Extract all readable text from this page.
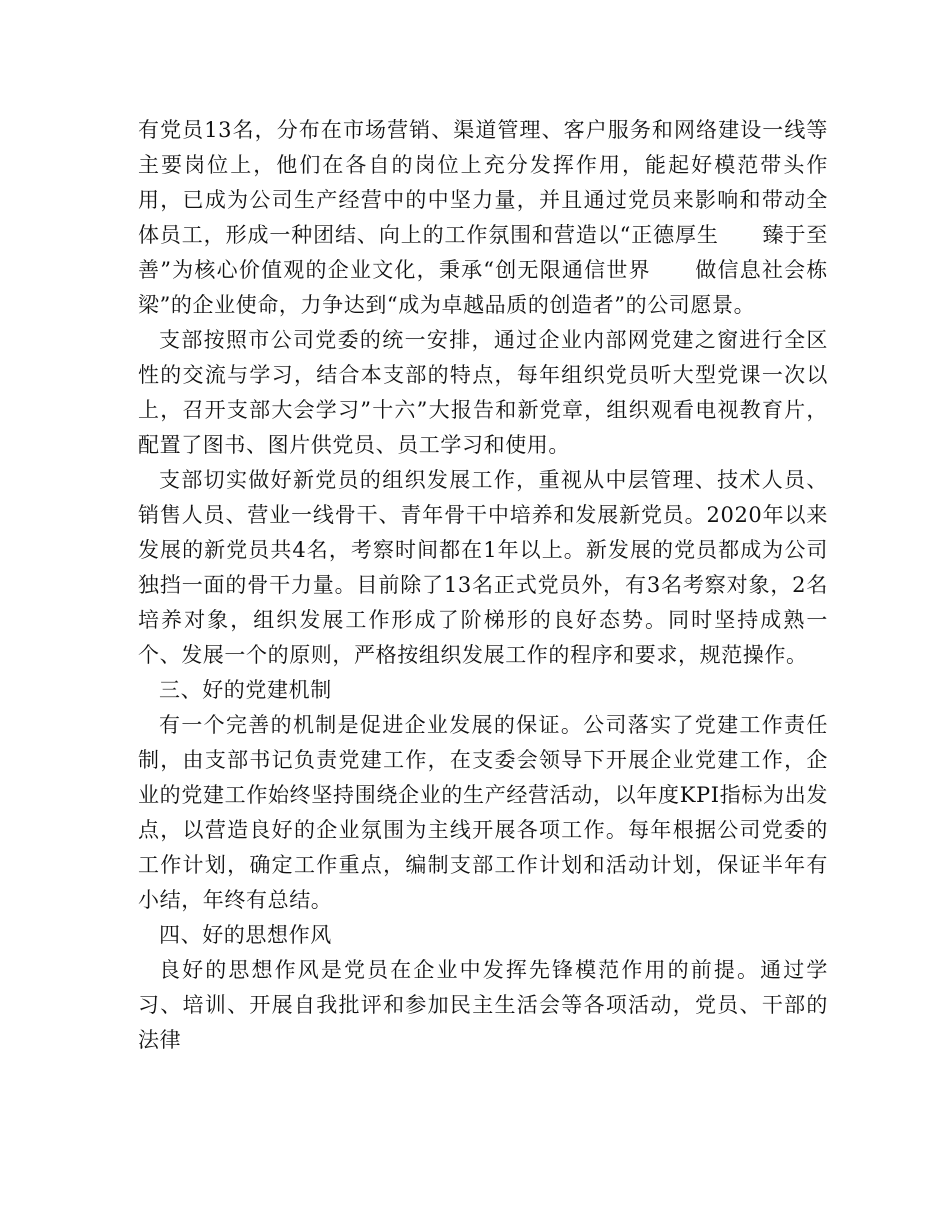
有党员13名，分布在市场营销、渠道管理、客户服务和网络建设一线等主要岗位上，他们在各自的岗位上充分发挥作用，能起好模范带头作用，已成为公司生产经营中的中坚力量，并且通过党员来影响和带动全体员工，形成一种团结、向上的工作氛围和营造以“正德厚生　　臻于至善”为核心价值观的企业文化，秉承“创无限通信世界　　做信息社会栋梁”的企业使命，力争达到“成为卓越品质的创造者”的公司愿景。

支部按照市公司党委的统一安排，通过企业内部网党建之窗进行全区性的交流与学习，结合本支部的特点，每年组织党员听大型党课一次以上，召开支部大会学习”十六”大报告和新党章，组织观看电视教育片，配置了图书、图片供党员、员工学习和使用。

支部切实做好新党员的组织发展工作，重视从中层管理、技术人员、销售人员、营业一线骨干、青年骨干中培养和发展新党员。2020年以来发展的新党员共4名，考察时间都在1年以上。新发展的党员都成为公司独挡一面的骨干力量。目前除了13名正式党员外，有3名考察对象，2名培养对象，组织发展工作形成了阶梯形的良好态势。同时坚持成熟一个、发展一个的原则，严格按组织发展工作的程序和要求，规范操作。

三、好的党建机制

有一个完善的机制是促进企业发展的保证。公司落实了党建工作责任制，由支部书记负责党建工作，在支委会领导下开展企业党建工作，企业的党建工作始终坚持围绕企业的生产经营活动，以年度KPI指标为出发点，以营造良好的企业氛围为主线开展各项工作。每年根据公司党委的工作计划，确定工作重点，编制支部工作计划和活动计划，保证半年有小结，年终有总结。

四、好的思想作风

良好的思想作风是党员在企业中发挥先锋模范作用的前提。通过学习、培训、开展自我批评和参加民主生活会等各项活动，党员、干部的法律
